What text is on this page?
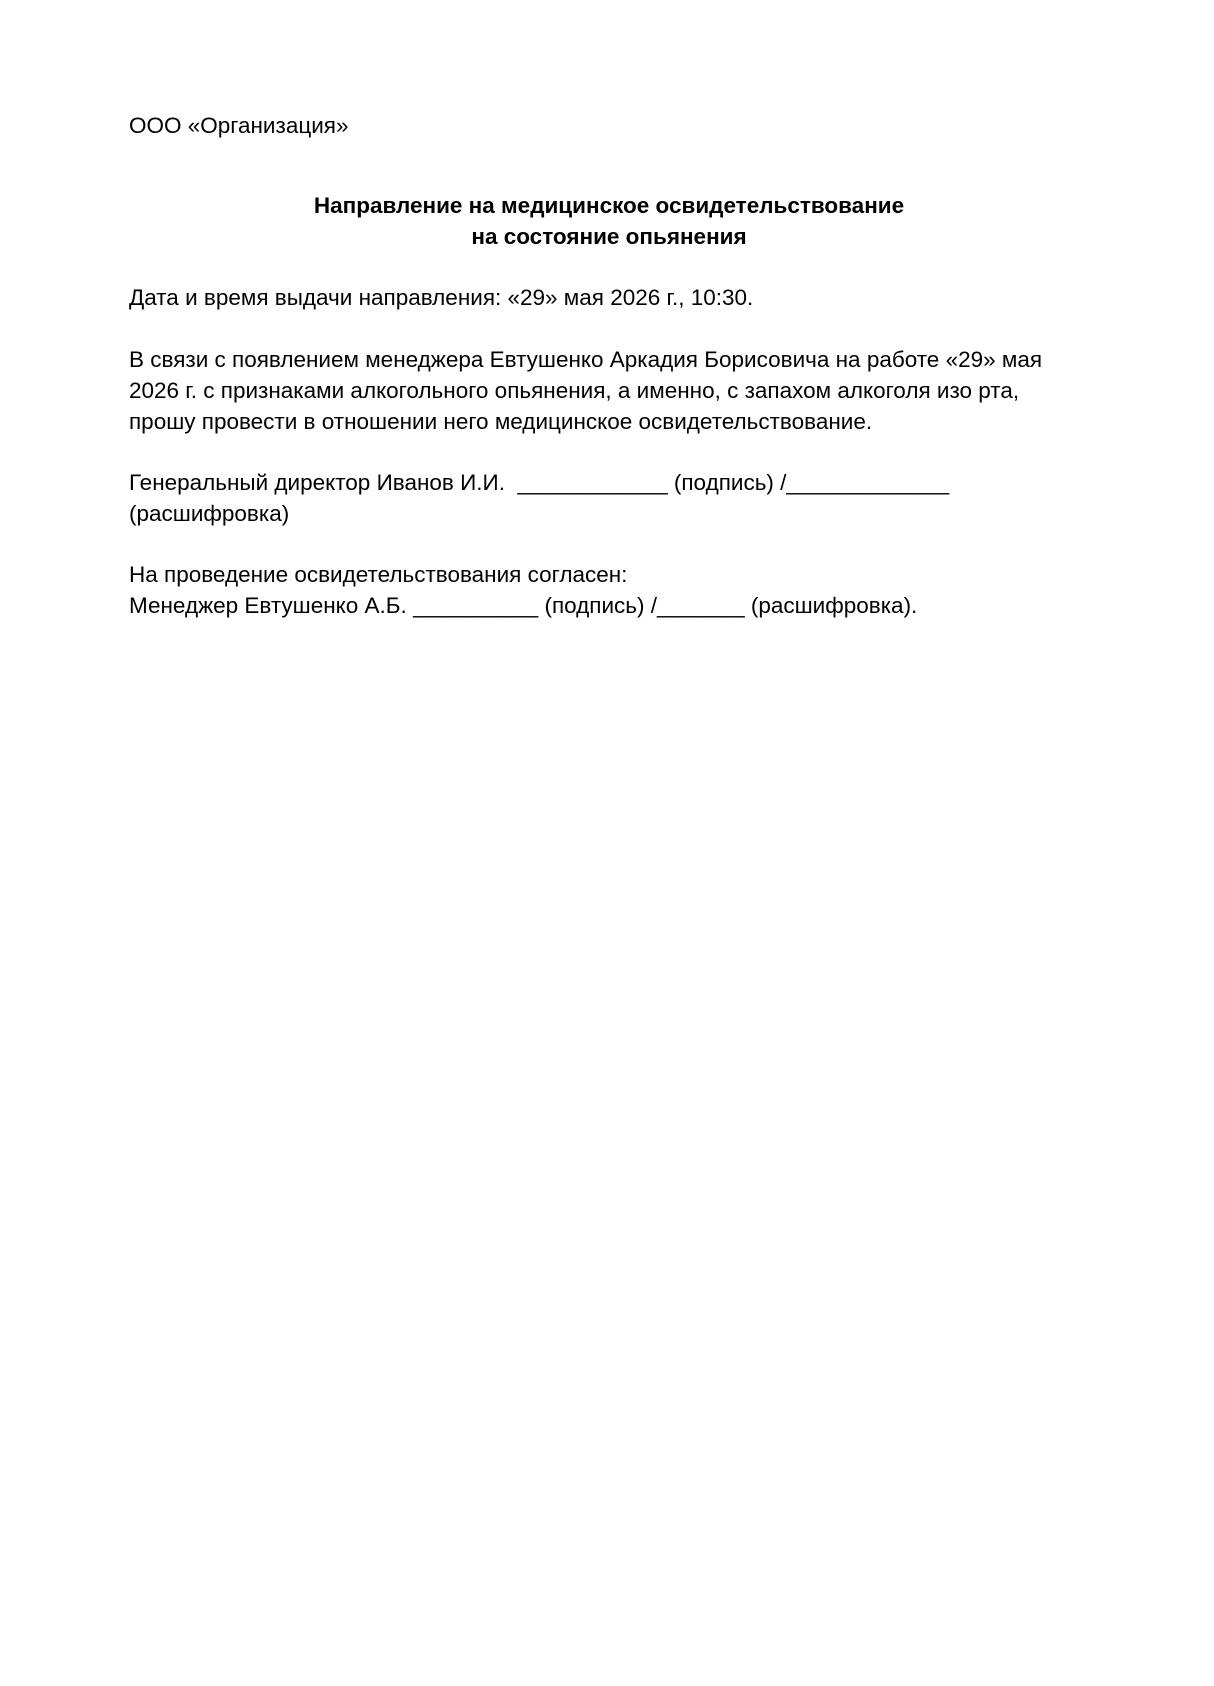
ООО «Организация»

Направление на медицинское освидетельствование
на состояние опьянения

Дата и время выдачи направления: «29» мая 2026 г., 10:30.

В связи с появлением менеджера Евтушенко Аркадия Борисовича на работе «29» мая
2026 г. с признаками алкогольного опьянения, а именно, с запахом алкоголя изо рта,
прошу провести в отношении него медицинское освидетельствование.
Генеральный директор Иванов И.И.  ____________ (подпись) /_____________
(расшифровка)
На проведение освидетельствования согласен:
Менеджер Евтушенко А.Б. __________ (подпись) /_______ (расшифровка).
